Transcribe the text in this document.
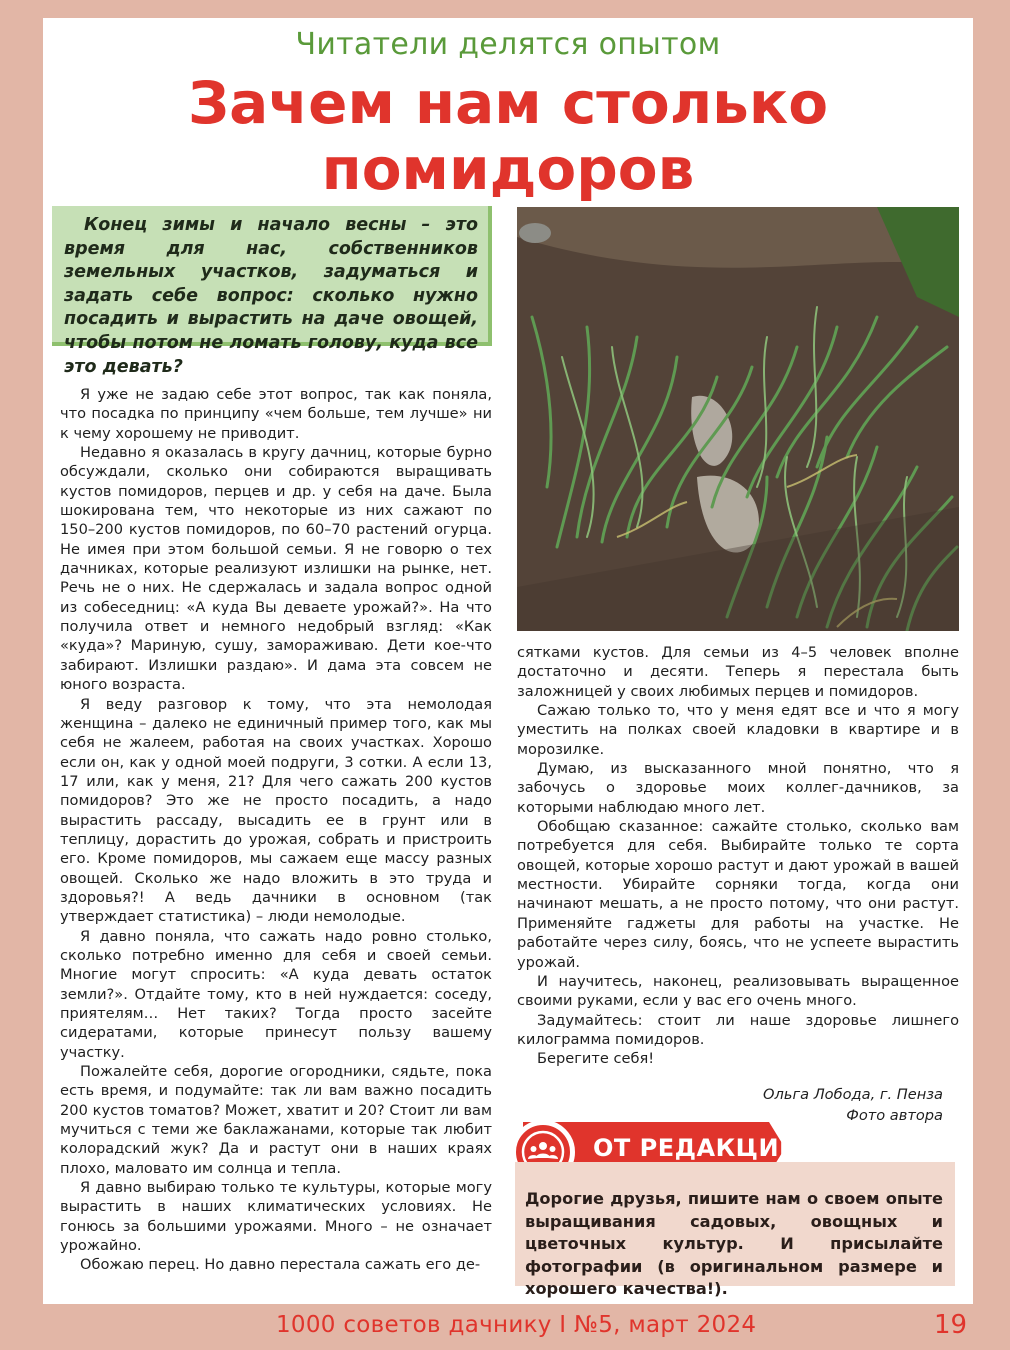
Читатели делятся опытом
Зачем нам столько
помидоров

Конец зимы и начало весны – это время для нас, собственников земельных участков, задуматься и задать себе вопрос: сколько нужно посадить и вырастить на даче овощей, чтобы потом не ломать голову, куда все это девать?

Я уже не задаю себе этот вопрос, так как поняла, что посадка по принципу «чем больше, тем лучше» ни к чему хорошему не приводит.

Недавно я оказалась в кругу дачниц, которые бурно обсуждали, сколько они собираются выращивать кустов помидоров, перцев и др. у себя на даче. Была шокирована тем, что некоторые из них сажают по 150–200 кустов помидоров, по 60–70 растений огурца. Не имея при этом большой семьи. Я не говорю о тех дачниках, которые реализуют излишки на рынке, нет. Речь не о них. Не сдержалась и задала вопрос одной из собеседниц: «А куда Вы деваете урожай?». На что получила ответ и немного недобрый взгляд: «Как «куда»? Мариную, сушу, замораживаю. Дети кое-что забирают. Излишки раздаю». И дама эта совсем не юного возраста.

Я веду разговор к тому, что эта немолодая женщина – далеко не единичный пример того, как мы себя не жалеем, работая на своих участках. Хорошо если он, как у одной моей подруги, 3 сотки. А если 13, 17 или, как у меня, 21? Для чего сажать 200 кустов помидоров? Это же не просто посадить, а надо вырастить рассаду, высадить ее в грунт или в теплицу, дорастить до урожая, собрать и пристроить его. Кроме помидоров, мы сажаем еще массу разных овощей. Сколько же надо вложить в это труда и здоровья?! А ведь дачники в основном (так утверждает статистика) – люди немолодые.

Я давно поняла, что сажать надо ровно столько, сколько потребно именно для себя и своей семьи. Многие могут спросить: «А куда девать остаток земли?». Отдайте тому, кто в ней нуждается: соседу, приятелям… Нет таких? Тогда просто засейте сидератами, которые принесут пользу вашему участку.

Пожалейте себя, дорогие огородники, сядьте, пока есть время, и подумайте: так ли вам важно посадить 200 кустов томатов? Может, хватит и 20? Стоит ли вам мучиться с теми же баклажанами, которые так любит колорадский жук? Да и растут они в наших краях плохо, маловато им солнца и тепла.

Я давно выбираю только те культуры, которые могу вырастить в наших климатических условиях. Не гонюсь за большими урожаями. Много – не означает урожайно.

Обожаю перец. Но давно перестала сажать его де-

сятками кустов. Для семьи из 4–5 человек вполне достаточно и десяти. Теперь я перестала быть заложницей у своих любимых перцев и помидоров.

Сажаю только то, что у меня едят все и что я могу уместить на полках своей кладовки в квартире и в морозилке.

Думаю, из высказанного мной понятно, что я забочусь о здоровье моих коллег-дачников, за которыми наблюдаю много лет.

Обобщаю сказанное: сажайте столько, сколько вам потребуется для себя. Выбирайте только те сорта овощей, которые хорошо растут и дают урожай в вашей местности. Убирайте сорняки тогда, когда они начинают мешать, а не просто потому, что они растут. Применяйте гаджеты для работы на участке. Не работайте через силу, боясь, что не успеете вырастить урожай.

И научитесь, наконец, реализовывать выращенное своими руками, если у вас его очень много.

Задумайтесь: стоит ли наше здоровье лишнего килограмма помидоров.

Берегите себя!

Ольга Лобода, г. Пенза
Фото автора
ОТ РЕДАКЦИИ
Дорогие друзья, пишите нам о своем опыте выращивания садовых, овощных и цветочных культур. И присылайте фотографии (в оригинальном размере и хорошего качества!).
1000 советов дачнику I №5, март 2024	19
